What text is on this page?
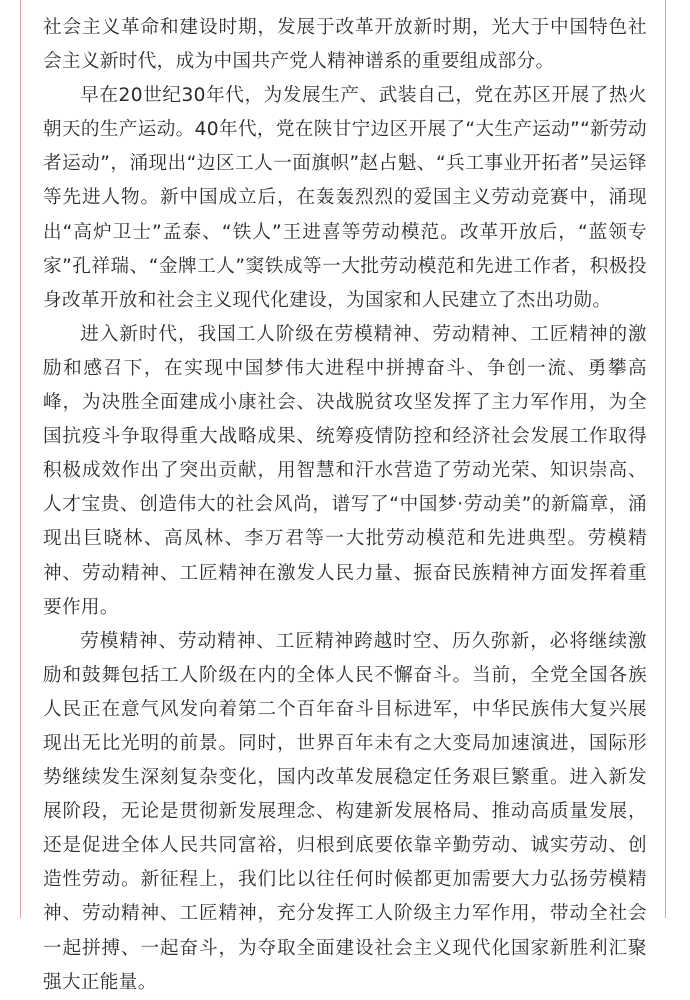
社会主义革命和建设时期，发展于改革开放新时期，光大于中国特色社会主义新时代，成为中国共产党人精神谱系的重要组成部分。

早在20世纪30年代，为发展生产、武装自己，党在苏区开展了热火朝天的生产运动。40年代，党在陕甘宁边区开展了“大生产运动”“新劳动者运动”，涌现出“边区工人一面旗帜”赵占魁、“兵工事业开拓者”吴运铎等先进人物。新中国成立后，在轰轰烈烈的爱国主义劳动竞赛中，涌现出“高炉卫士”孟泰、“铁人”王进喜等劳动模范。改革开放后，“蓝领专家”孔祥瑞、“金牌工人”窦铁成等一大批劳动模范和先进工作者，积极投身改革开放和社会主义现代化建设，为国家和人民建立了杰出功勋。

进入新时代，我国工人阶级在劳模精神、劳动精神、工匠精神的激励和感召下，在实现中国梦伟大进程中拼搏奋斗、争创一流、勇攀高峰，为决胜全面建成小康社会、决战脱贫攻坚发挥了主力军作用，为全国抗疫斗争取得重大战略成果、统筹疫情防控和经济社会发展工作取得积极成效作出了突出贡献，用智慧和汗水营造了劳动光荣、知识崇高、人才宝贵、创造伟大的社会风尚，谱写了“中国梦·劳动美”的新篇章，涌现出巨晓林、高凤林、李万君等一大批劳动模范和先进典型。劳模精神、劳动精神、工匠精神在激发人民力量、振奋民族精神方面发挥着重要作用。

劳模精神、劳动精神、工匠精神跨越时空、历久弥新，必将继续激励和鼓舞包括工人阶级在内的全体人民不懈奋斗。当前，全党全国各族人民正在意气风发向着第二个百年奋斗目标进军，中华民族伟大复兴展现出无比光明的前景。同时，世界百年未有之大变局加速演进，国际形势继续发生深刻复杂变化，国内改革发展稳定任务艰巨繁重。进入新发展阶段，无论是贯彻新发展理念、构建新发展格局、推动高质量发展，还是促进全体人民共同富裕，归根到底要依靠辛勤劳动、诚实劳动、创造性劳动。新征程上，我们比以往任何时候都更加需要大力弘扬劳模精神、劳动精神、工匠精神，充分发挥工人阶级主力军作用，带动全社会一起拼搏、一起奋斗，为夺取全面建设社会主义现代化国家新胜利汇聚强大正能量。
